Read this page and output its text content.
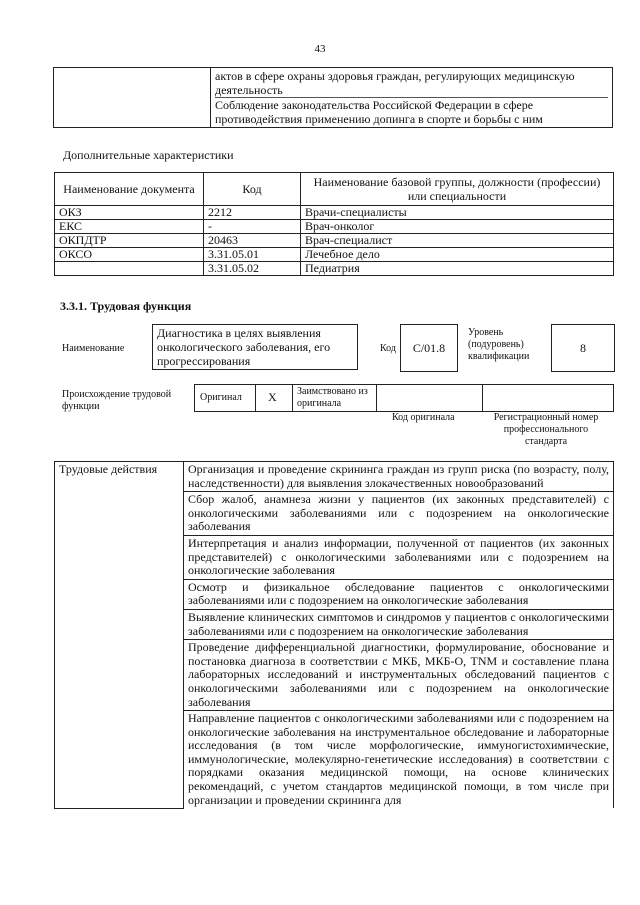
43

актов в сфере охраны здоровья граждан, регулирующих медицинскую деятельность
Соблюдение законодательства Российской Федерации в сфере противодействия применению допинга в спорте и борьбы с ним
Дополнительные характеристики
Наименование документа	Код	Наименование базовой группы, должности (профессии) или специальности
ОКЗ	2212	Врачи-специалисты
ЕКС	-	Врач-онколог
ОКПДТР	20463	Врач-специалист
ОКСО	3.31.05.01	Лечебное дело
	3.31.05.02	Педиатрия
3.3.1. Трудовая функция
Наименование
Диагностика в целях выявления онкологического заболевания, его прогрессирования
Код	C/01.8
Уровень (подуровень) квалификации
8
Происхождение трудовой функции
Оригинал X Заимствовано из оригинала
Код оригинала	Регистрационный номер профессионального стандарта
Трудовые действия	Организация и проведение скрининга граждан из групп риска (по возрасту, полу, наследственности) для выявления злокачественных новообразований
Сбор жалоб, анамнеза жизни у пациентов (их законных представителей) с онкологическими заболеваниями или с подозрением на онкологические заболевания
Интерпретация и анализ информации, полученной от пациентов (их законных представителей) с онкологическими заболеваниями или с подозрением на онкологические заболевания
Осмотр и физикальное обследование пациентов с онкологическими заболеваниями или с подозрением на онкологические заболевания
Выявление клинических симптомов и синдромов у пациентов с онкологическими заболеваниями или с подозрением на онкологические заболевания
Проведение дифференциальной диагностики, формулирование, обоснование и постановка диагноза в соответствии с МКБ, МКБ-О, TNM и составление плана лабораторных исследований и инструментальных обследований пациентов с онкологическими заболеваниями или с подозрением на онкологические заболевания
Направление пациентов с онкологическими заболеваниями или с подозрением на онкологические заболевания на инструментальное обследование и лабораторные исследования (в том числе морфологические, иммуногистохимические, иммунологические, молекулярно-генетические исследования) в соответствии с порядками оказания медицинской помощи, на основе клинических рекомендаций, с учетом стандартов медицинской помощи, в том числе при организации и проведении скрининга для
